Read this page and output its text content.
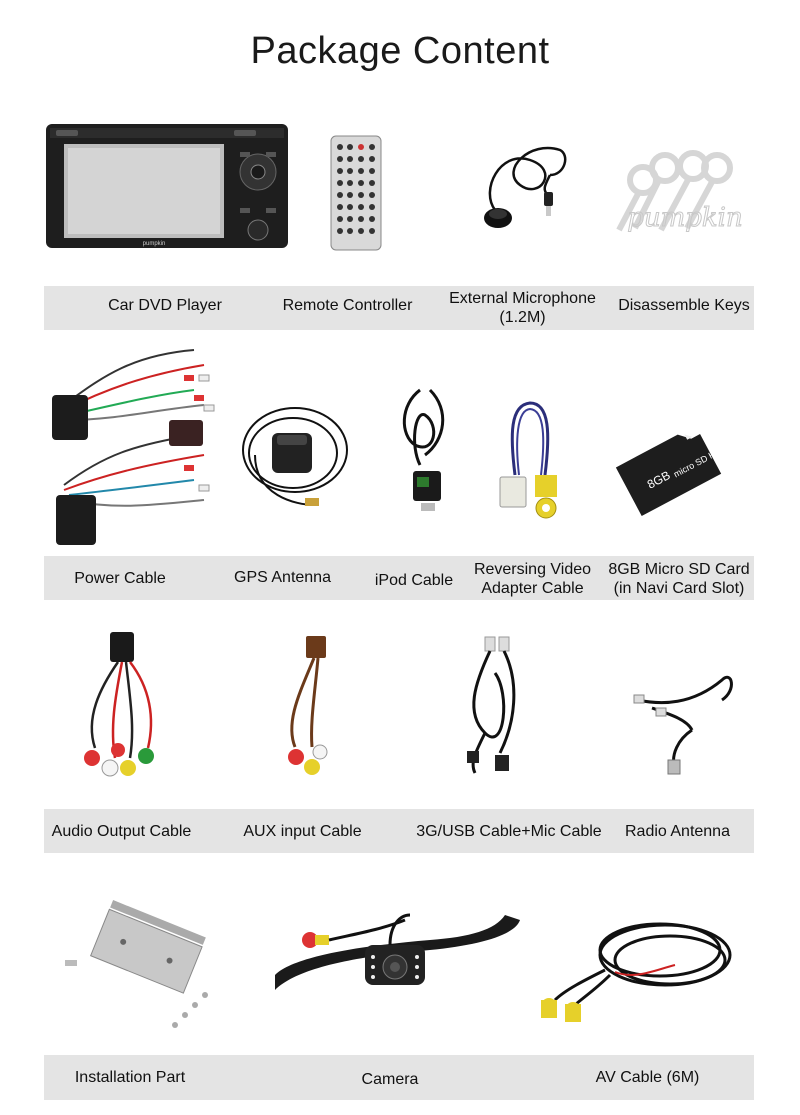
Package Content
pumpkin
pumpkin
Car DVD Player	Remote Controller	External Microphone
(1.2M)
Disassemble Keys
8GB
micro SD HC
Power Cable	GPS Antenna	iPod Cable
Reversing Video
Adapter Cable
8GB Micro SD Card
(in Navi Card Slot)
Audio Output Cable	AUX input Cable	3G/USB Cable+Mic Cable	Radio Antenna
Installation Part	Camera	AV Cable (6M)
